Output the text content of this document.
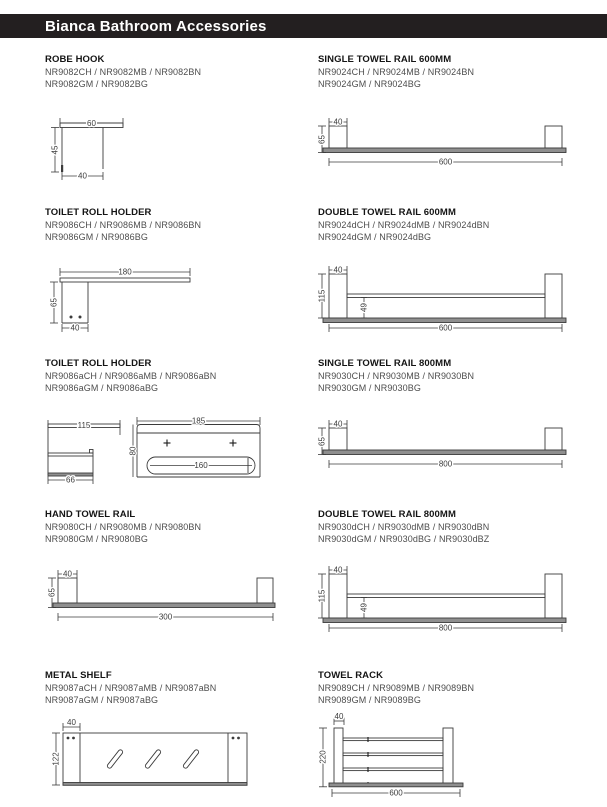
Bianca Bathroom Accessories
ROBE HOOK

NR9082CH / NR9082MB / NR9082BN

NR9082GM / NR9082BG

SINGLE TOWEL RAIL 600MM

NR9024CH / NR9024MB / NR9024BN

NR9024GM / NR9024BG

TOILET ROLL HOLDER

NR9086CH / NR9086MB / NR9086BN

NR9086GM / NR9086BG

DOUBLE TOWEL RAIL 600MM

NR9024dCH / NR9024dMB / NR9024dBN

NR9024dGM / NR9024dBG

TOILET ROLL HOLDER

NR9086aCH / NR9086aMB / NR9086aBN

NR9086aGM / NR9086aBG

SINGLE TOWEL RAIL 800MM

NR9030CH / NR9030MB / NR9030BN

NR9030GM / NR9030BG

HAND TOWEL RAIL

NR9080CH / NR9080MB / NR9080BN

NR9080GM / NR9080BG

DOUBLE TOWEL RAIL 800MM

NR9030dCH / NR9030dMB / NR9030dBN

NR9030dGM / NR9030dBG / NR9030dBZ

METAL SHELF

NR9087aCH / NR9087aMB / NR9087aBN

NR9087aGM / NR9087aBG

TOWEL RACK

NR9089CH / NR9089MB / NR9089BN

NR9089GM / NR9089BG

60
45
40
40
65
600
180
65
40
40
115
49
600
115
66
185
80
160
40
65
800
40
65
300
40
115
49
800
40
122
40
220
600
